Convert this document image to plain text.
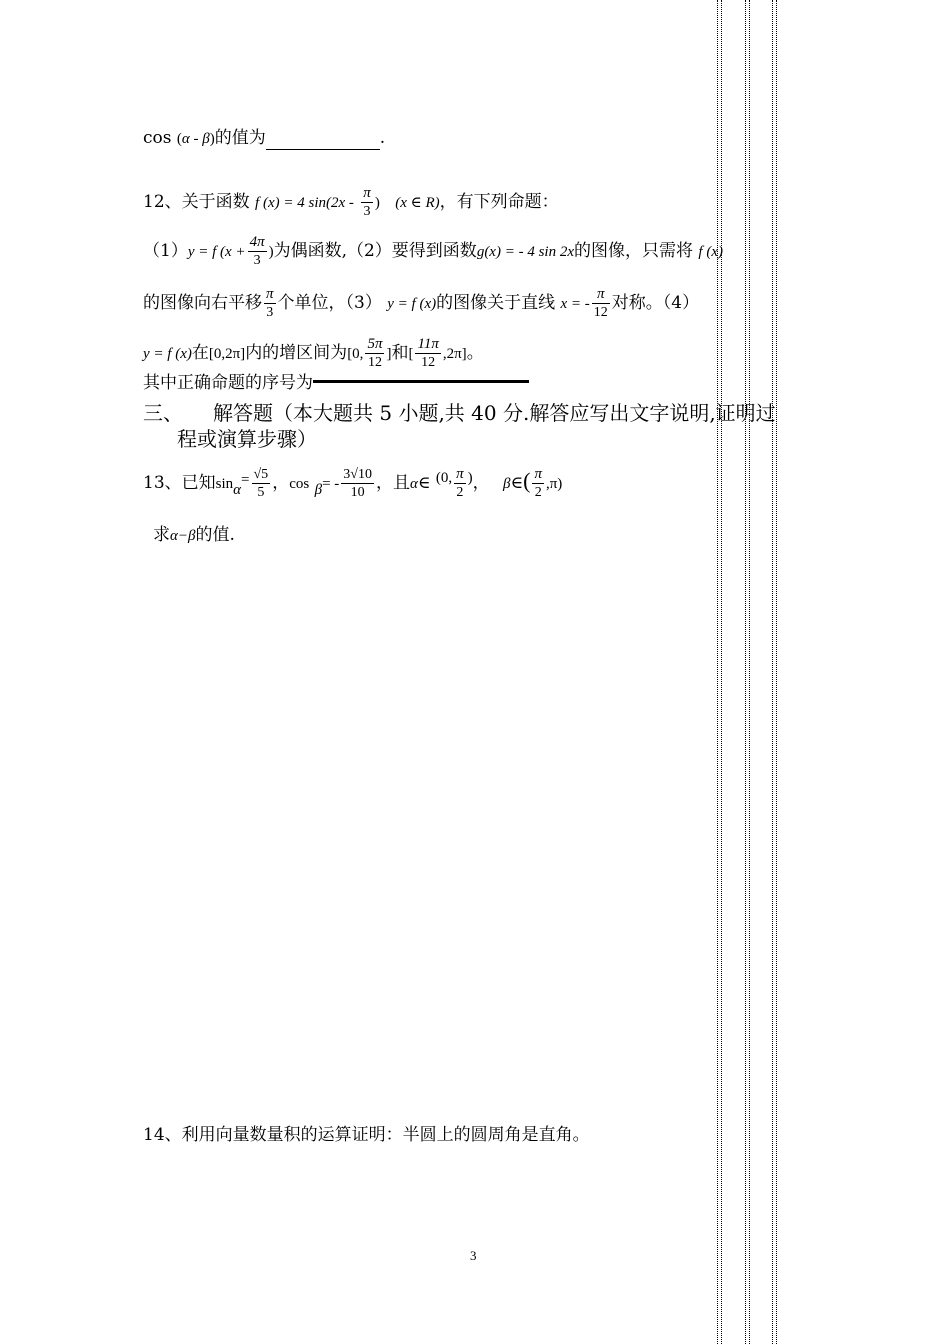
cos (α - β)的值为	.
12、关于函数 f (x) = 4 $\sin(2x - \frac{\pi}{3}$ ) (x ∈ R)，有下列命题：
（1）y = f ($x + \frac{4\pi}{3}$ )为偶函数,（2）要得到函数g(x) = - 4 sin 2x的图像，只需将 f (x)
的图像向右平移 $\frac{\pi}{3}$ 个单位，（3） y = f (x)的图像关于直线 x = - $\frac{\pi}{12}$ 对称。（4）
y = f (x)在[0,2π]内的增区间为[0, $\frac{5\pi}{12}$ ]和[ $\frac{11\pi}{12} ,2\pi$]。
其中正确命题的序号为
三、 解答题（本大题共 5 小题,共 40 分.解答应写出文字说明,证明过
程或演算步骤）
13、已知$\sin\alpha= \frac{√5}{5}$ ，$\cos \beta= - \frac{3√10}{10}$ ，且α∈ (0, $\frac{\pi}{2}$ )， β∈( $\frac{\pi}{2} ,\pi$)
求α−β的值.
14、利用向量数量积的运算证明：半圆上的圆周角是直角。
3
